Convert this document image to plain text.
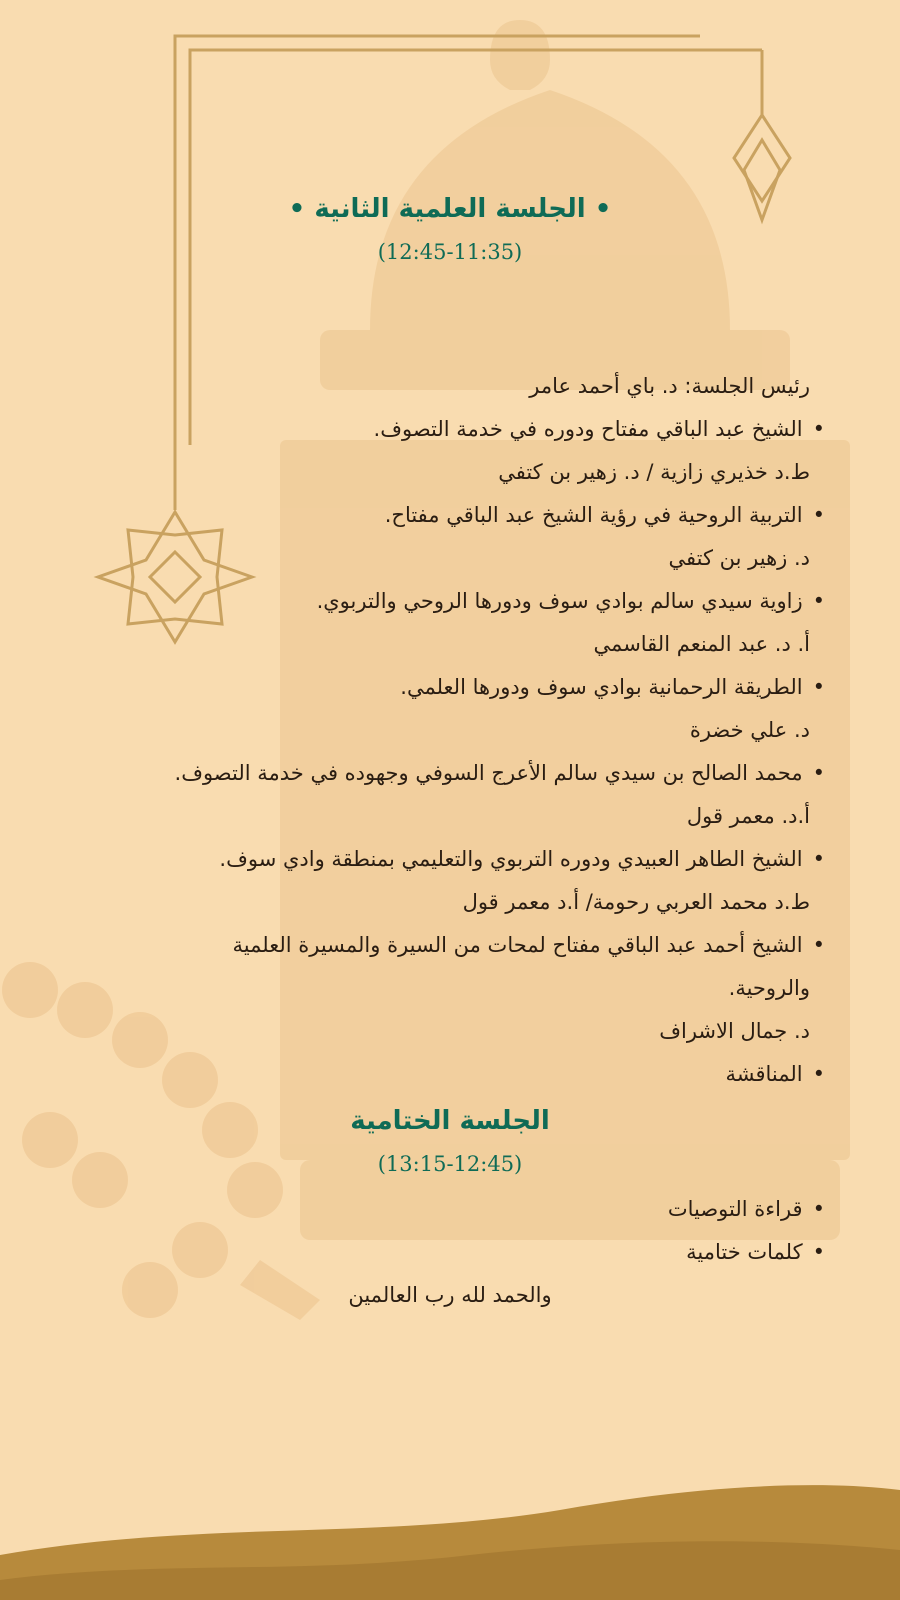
• الجلسة العلمية الثانية •
(12:45-11:35)
رئيس الجلسة: د. باي أحمد عامر
• الشيخ عبد الباقي مفتاح ودوره في خدمة التصوف.
ط.د خذيري زازية / د. زهير بن كتفي
• التربية الروحية في رؤية الشيخ عبد الباقي مفتاح.
د. زهير بن كتفي
• زاوية سيدي سالم بوادي سوف ودورها الروحي والتربوي.
أ. د. عبد المنعم القاسمي
• الطريقة الرحمانية بوادي سوف ودورها العلمي.
د. علي خضرة
• محمد الصالح بن سيدي سالم الأعرج السوفي وجهوده في خدمة التصوف.
أ.د. معمر قول
• الشيخ الطاهر العبيدي ودوره التربوي والتعليمي بمنطقة وادي سوف.
ط.د محمد العربي رحومة/ أ.د معمر قول
• الشيخ أحمد عبد الباقي مفتاح لمحات من السيرة والمسيرة العلمية
والروحية.
د. جمال الاشراف
• المناقشة
الجلسة الختامية
(13:15-12:45)
• قراءة التوصيات
• كلمات ختامية
والحمد لله رب العالمين
